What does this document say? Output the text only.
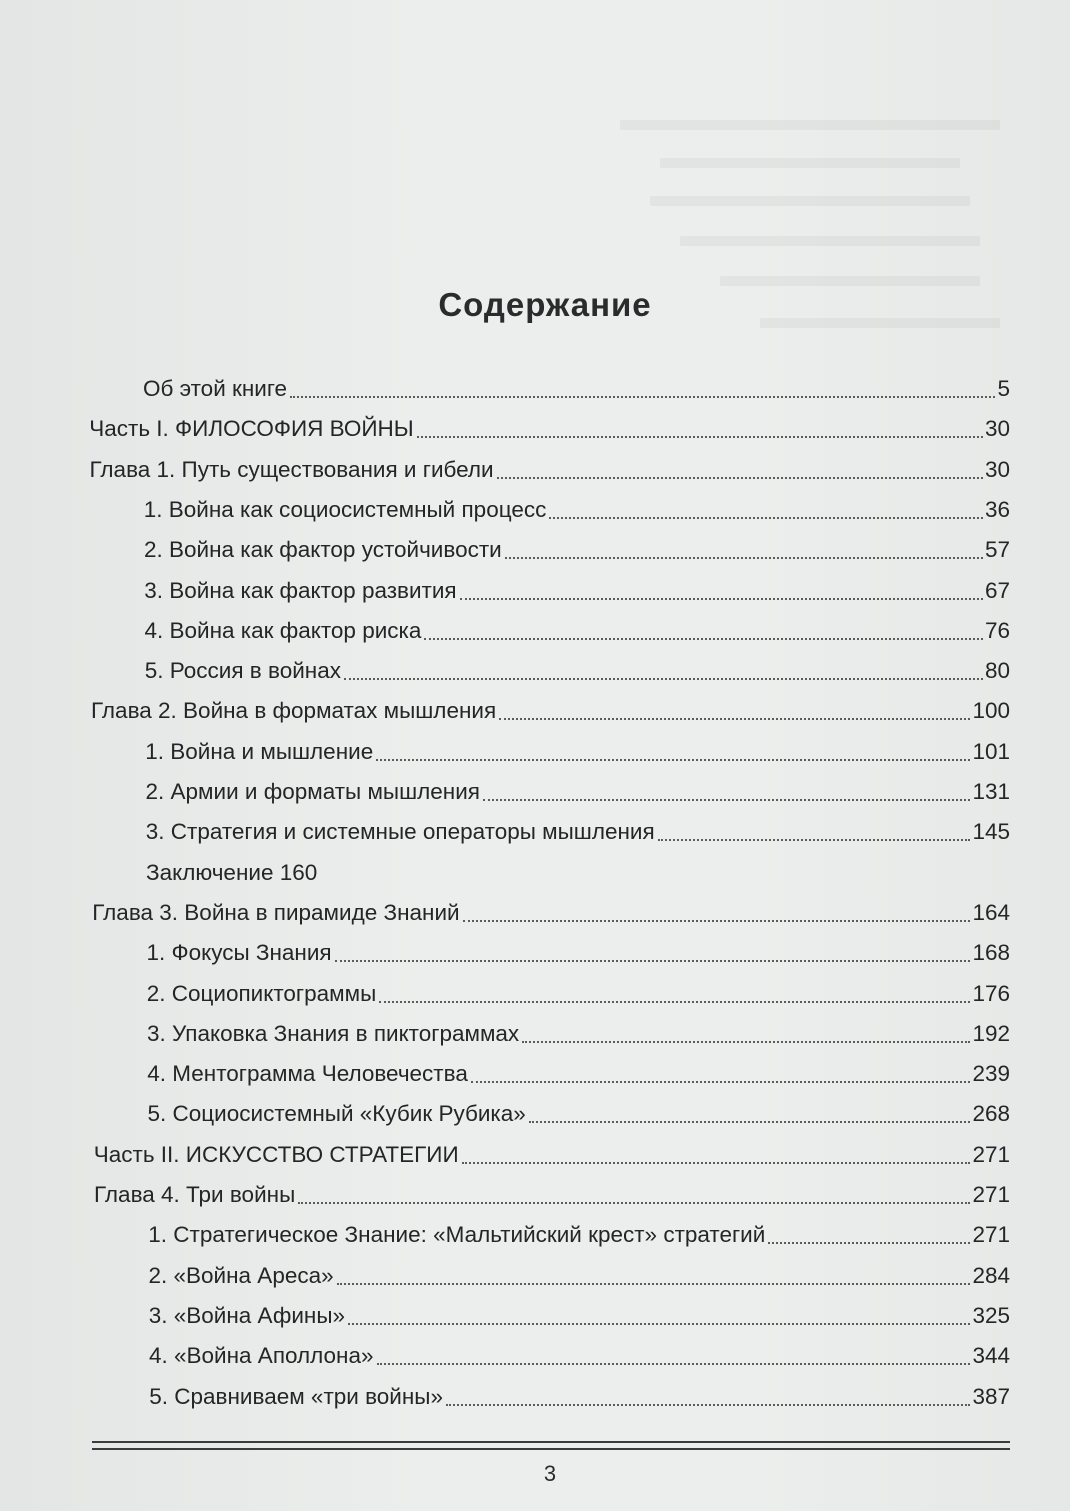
Содержание
Об этой книге	5
Часть I. ФИЛОСОФИЯ ВОЙНЫ	30
Глава 1. Путь существования и гибели	30
1. Война как социосистемный процесс	36
2. Война как фактор устойчивости	57
3. Война как фактор развития	67
4. Война как фактор риска	76
5. Россия в войнах	80
Глава 2. Война в форматах мышления	100
1. Война и мышление	101
2. Армии и форматы мышления	131
3. Стратегия и системные операторы мышления	145
Заключение 160
Глава 3. Война в пирамиде Знаний	164
1. Фокусы Знания	168
2. Социопиктограммы	176
3. Упаковка Знания в пиктограммах	192
4. Ментограмма Человечества	239
5. Социосистемный «Кубик Рубика»	268
Часть II. ИСКУССТВО СТРАТЕГИИ	271
Глава 4. Три войны	271
1. Стратегическое Знание: «Мальтийский крест» стратегий	271
2. «Война Ареса»	284
3. «Война Афины»	325
4. «Война Аполлона»	344
5. Сравниваем «три войны»	387
3
